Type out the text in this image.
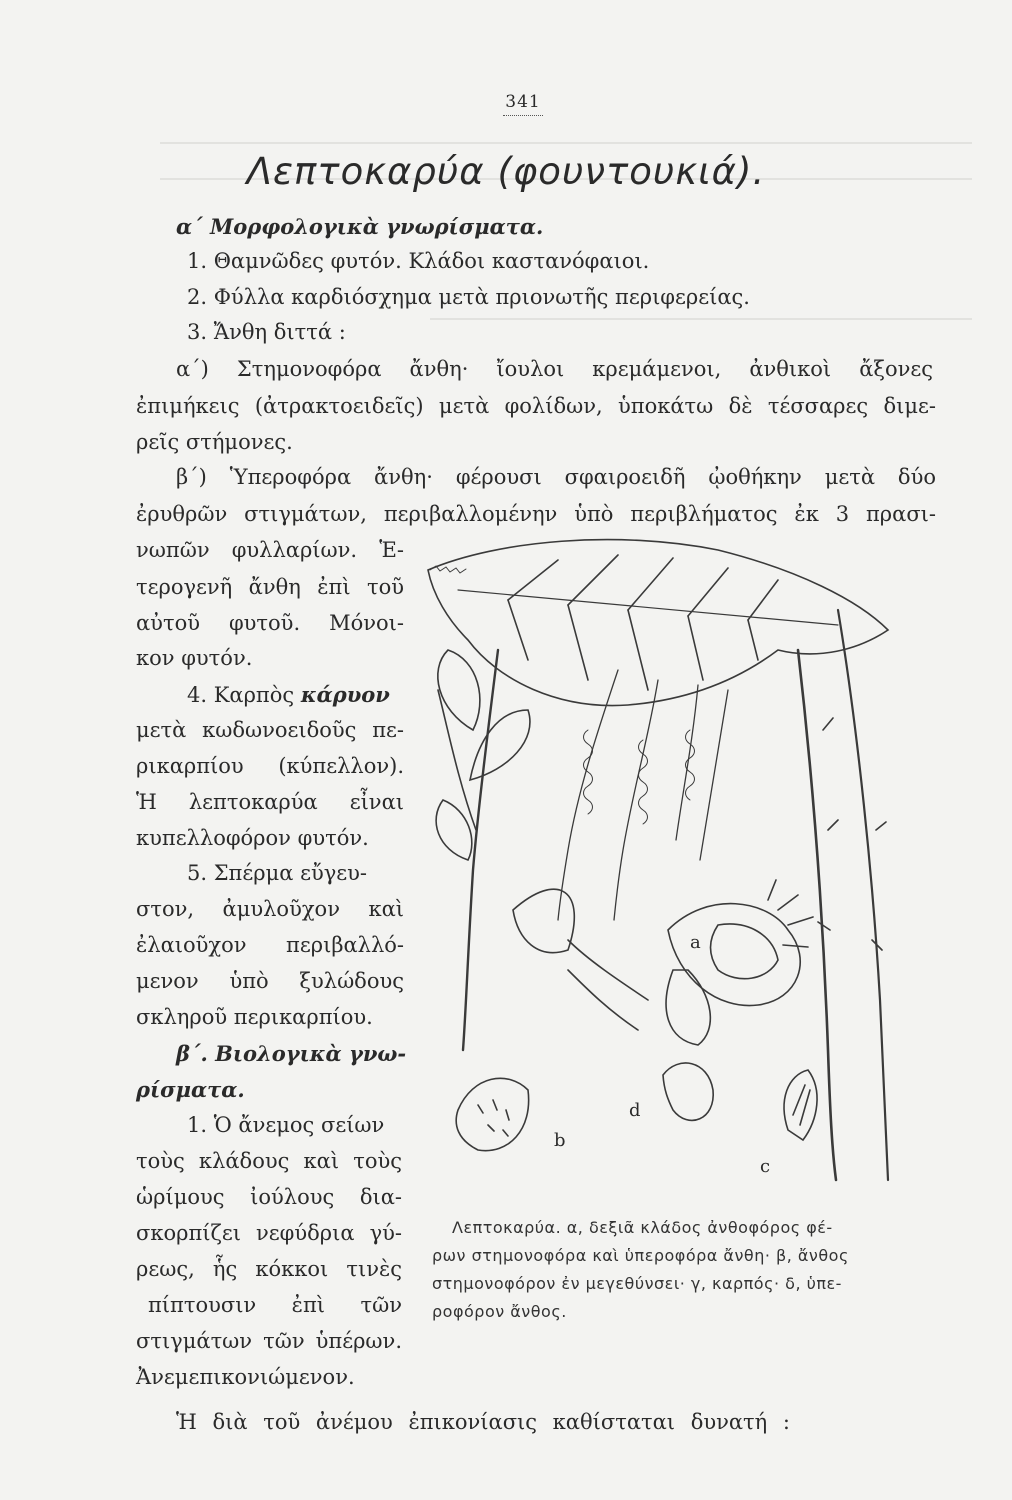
341
Λεπτοκαρύα (φουντουκιά).
α΄ Μορφολογικὰ γνωρίσματα.
1. Θαμνῶδες φυτόν. Κλάδοι καστανόφαιοι.
2. Φύλλα καρδιόσχημα μετὰ πριονωτῆς περιφερείας.
3. Ἄνθη διττά :
α΄) Στημονοφόρα ἄνθη· ἴουλοι κρεμάμενοι, ἀνθικοὶ ἄξονες
ἐπιμήκεις (ἀτρακτοειδεῖς) μετὰ φολίδων, ὑποκάτω δὲ τέσσαρες διμε-
ρεῖς στήμονες.
β΄) Ὑπεροφόρα ἄνθη· φέρουσι σφαιροειδῆ ᾠοθήκην μετὰ δύο
ἐρυθρῶν στιγμάτων, περιβαλλομένην ὑπὸ περιβλήματος ἐκ 3 πρασι-
νωπῶν φυλλαρίων. Ἑ-
τερογενῆ ἄνθη ἐπὶ τοῦ
αὐτοῦ φυτοῦ. Μόνοι-
κον φυτόν.
4. Καρπὸς κάρυον
μετὰ κωδωνοειδοῦς πε-
ρικαρπίου (κύπελλον).
Ἡ λεπτοκαρύα εἶναι
κυπελλοφόρον φυτόν.
5. Σπέρμα εὔγευ-
στον, ἀμυλοῦχον καὶ
ἐλαιοῦχον περιβαλλό-
μενον ὑπὸ ξυλώδους
σκληροῦ περικαρπίου.
β΄. Βιολογικὰ γνω-
ρίσματα.
1. Ὁ ἄνεμος σείων
τοὺς κλάδους καὶ τοὺς
ὡρίμους ἰούλους δια-
σκορπίζει νεφύδρια γύ-
ρεως, ἧς κόκκοι τινὲς
πίπτουσιν ἐπὶ τῶν
στιγμάτων τῶν ὑπέρων.
Ἀνεμεπικονιώμενον.
Ἡ διὰ τοῦ ἀνέμου ἐπικονίασις καθίσταται δυνατή :
a
b
c
d
Λεπτοκαρύα. α, δεξιᾶ κλάδος ἀνθοφόρος φέ-
ρων στημονοφόρα καὶ ὑπεροφόρα ἄνθη· β, ἄνθος
στημονοφόρον ἐν μεγεθύνσει· γ, καρπός· δ, ὑπε-
ροφόρον ἄνθος.
